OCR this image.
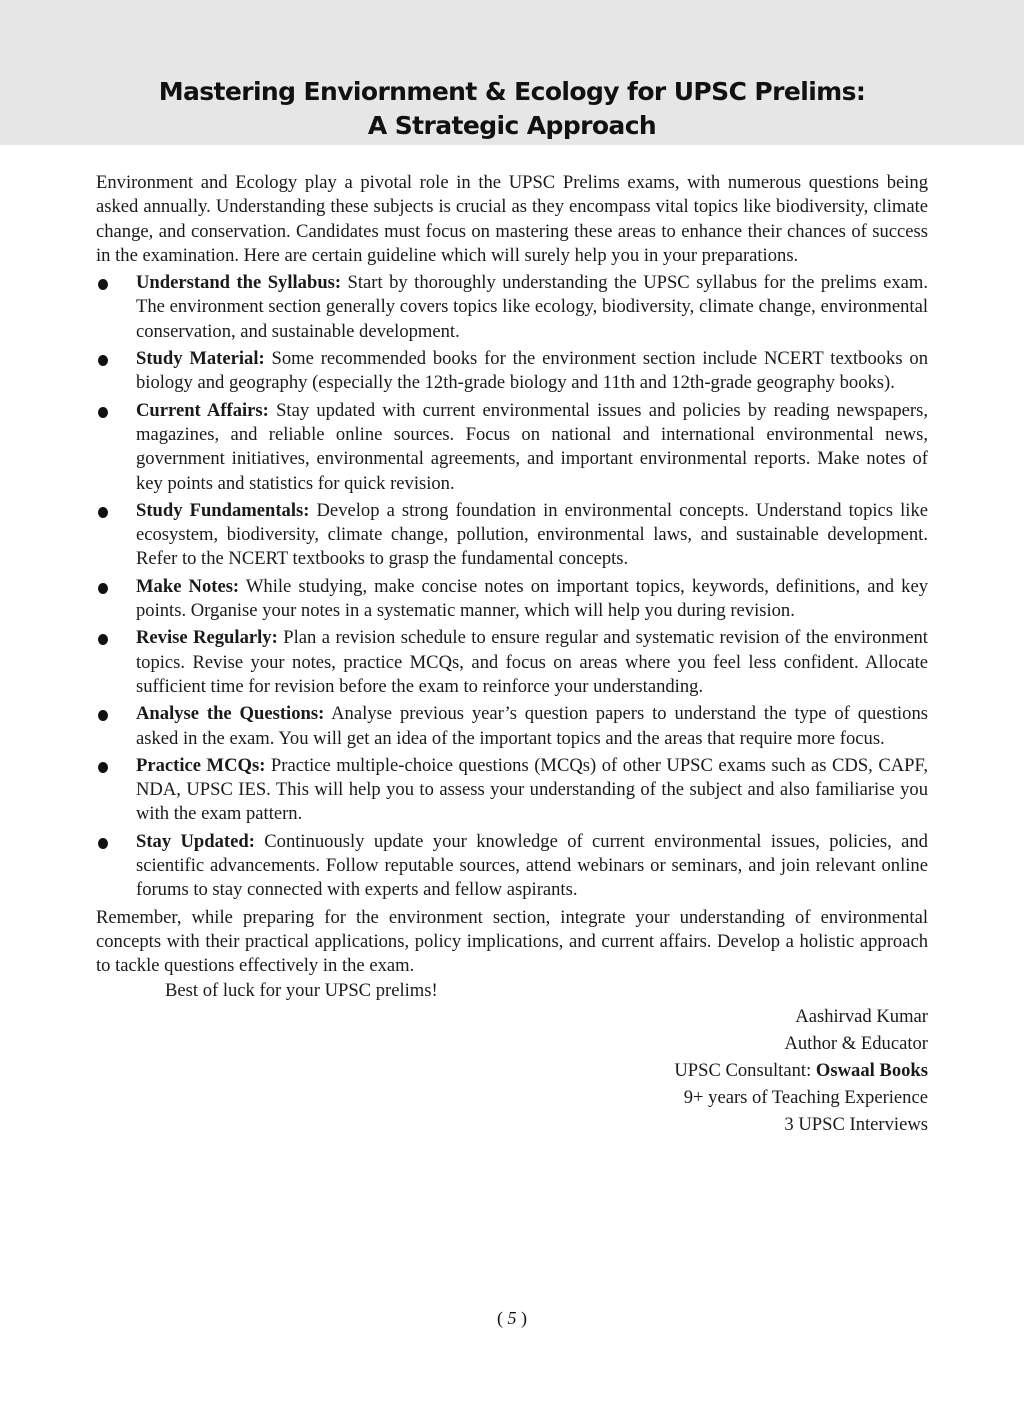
Mastering Enviornment & Ecology for UPSC Prelims:
A Strategic Approach

Environment and Ecology play a pivotal role in the UPSC Prelims exams, with numerous questions being asked annually. Understanding these subjects is crucial as they encompass vital topics like biodiversity, climate change, and conservation. Candidates must focus on mastering these areas to enhance their chances of success in the examination. Here are certain guideline which will surely help you in your preparations.

Understand the Syllabus: Start by thoroughly understanding the UPSC syllabus for the prelims exam. The environment section generally covers topics like ecology, biodiversity, climate change, environmental conservation, and sustainable development.
Study Material: Some recommended books for the environment section include NCERT textbooks on biology and geography (especially the 12th-grade biology and 11th and 12th-grade geography books).
Current Affairs: Stay updated with current environmental issues and policies by reading newspapers, magazines, and reliable online sources. Focus on national and international environmental news, government initiatives, environmental agreements, and important environmental reports. Make notes of key points and statistics for quick revision.
Study Fundamentals: Develop a strong foundation in environmental concepts. Understand topics like ecosystem, biodiversity, climate change, pollution, environmental laws, and sustainable development. Refer to the NCERT textbooks to grasp the fundamental concepts.
Make Notes: While studying, make concise notes on important topics, keywords, definitions, and key points. Organise your notes in a systematic manner, which will help you during revision.
Revise Regularly: Plan a revision schedule to ensure regular and systematic revision of the environment topics. Revise your notes, practice MCQs, and focus on areas where you feel less confident. Allocate sufficient time for revision before the exam to reinforce your understanding.
Analyse the Questions: Analyse previous year’s question papers to understand the type of questions asked in the exam. You will get an idea of the important topics and the areas that require more focus.
Practice MCQs: Practice multiple-choice questions (MCQs) of other UPSC exams such as CDS, CAPF, NDA, UPSC IES. This will help you to assess your understanding of the subject and also familiarise you with the exam pattern.
Stay Updated: Continuously update your knowledge of current environmental issues, policies, and scientific advancements. Follow reputable sources, attend webinars or seminars, and join relevant online forums to stay connected with experts and fellow aspirants.

Remember, while preparing for the environment section, integrate your understanding of environmental concepts with their practical applications, policy implications, and current affairs. Develop a holistic approach to tackle questions effectively in the exam.

Best of luck for your UPSC prelims!

Aashirvad Kumar
Author & Educator
UPSC Consultant: Oswaal Books
9+ years of Teaching Experience
3 UPSC Interviews

( 5 )
